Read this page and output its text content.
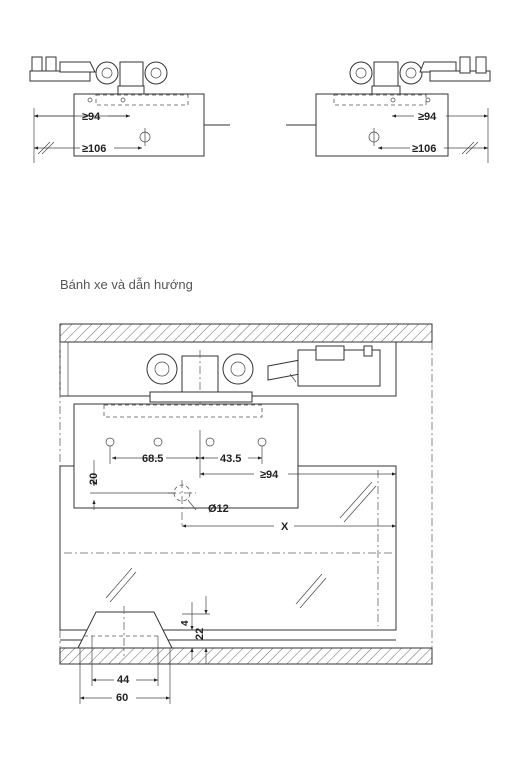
Bánh xe và dẫn hướng
≥94
≥106
≥94
≥106
68.5	43.5
≥94
20
Ø12
X
44
60
4
22
